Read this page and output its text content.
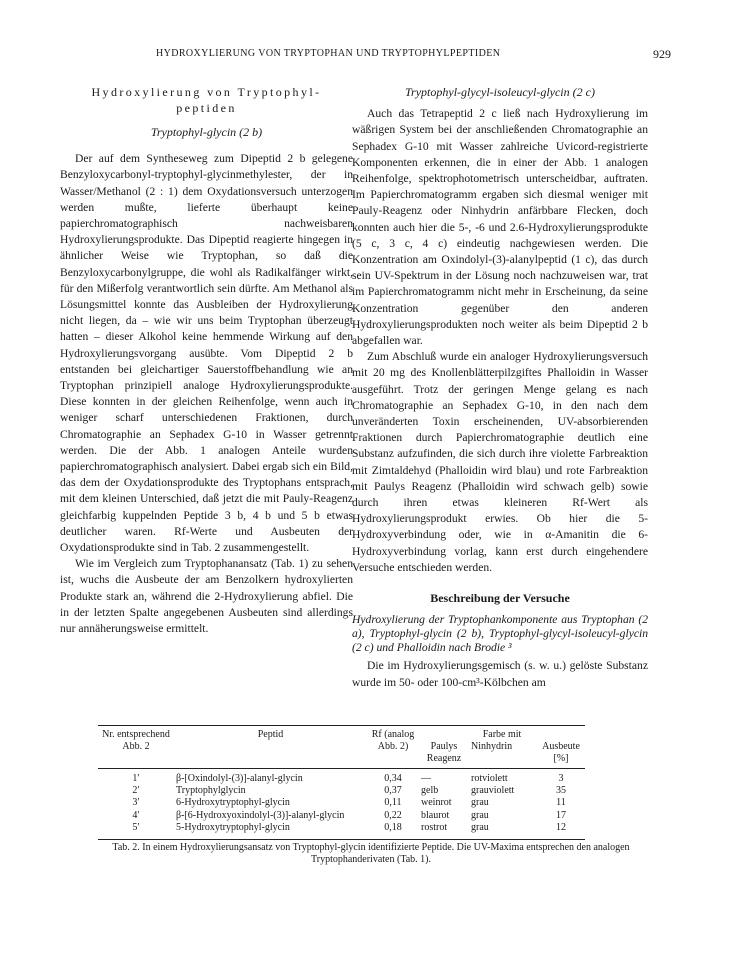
HYDROXYLIERUNG VON TRYPTOPHAN UND TRYPTOPHYLPEPTIDEN	929
Hydroxylierung von Tryptophyl- peptiden
Tryptophyl-glycin (2 b)

Der auf dem Syntheseweg zum Dipeptid 2 b gelegene Benzyloxycarbonyl-tryptophyl-glycinmethylester, der in Wasser/Methanol (2 : 1) dem Oxydationsversuch unterzogen werden mußte, lieferte überhaupt keine papierchromatographisch nachweisbaren Hydroxylierungsprodukte. Das Dipeptid reagierte hingegen in ähnlicher Weise wie Tryptophan, so daß die Benzyloxycarbonylgruppe, die wohl als Radikalfänger wirkt, für den Mißerfolg verantwortlich sein dürfte. Am Methanol als Lösungsmittel konnte das Ausbleiben der Hydroxylierung nicht liegen, da – wie wir uns beim Tryptophan überzeugt hatten – dieser Alkohol keine hemmende Wirkung auf den Hydroxylierungsvorgang ausübte. Vom Dipeptid 2 b entstanden bei gleichartiger Sauerstoffbehandlung wie an Tryptophan prinzipiell analoge Hydroxylierungsprodukte. Diese konnten in der gleichen Reihenfolge, wenn auch in weniger scharf unterschiedenen Fraktionen, durch Chromatographie an Sephadex G-10 in Wasser getrennt werden. Die der Abb. 1 analogen Anteile wurden papierchromatographisch analysiert. Dabei ergab sich ein Bild, das dem der Oxydationsprodukte des Tryptophans entsprach, mit dem kleinen Unterschied, daß jetzt die mit Pauly-Reagenz gleichfarbig kuppelnden Peptide 3 b, 4 b und 5 b etwas deutlicher waren. Rf-Werte und Ausbeuten der Oxydationsprodukte sind in Tab. 2 zusammengestellt.

Wie im Vergleich zum Tryptophanansatz (Tab. 1) zu sehen ist, wuchs die Ausbeute der am Benzolkern hydroxylierten Produkte stark an, während die 2-Hydroxylierung abfiel. Die in der letzten Spalte angegebenen Ausbeuten sind allerdings nur annäherungsweise ermittelt.

Tryptophyl-glycyl-isoleucyl-glycin (2 c)

Auch das Tetrapeptid 2 c ließ nach Hydroxylierung im wäßrigen System bei der anschließenden Chromatographie an Sephadex G-10 mit Wasser zahlreiche Uvicord-registrierte Komponenten erkennen, die in einer der Abb. 1 analogen Reihenfolge, spektrophotometrisch unterscheidbar, auftraten. Im Papierchromatogramm ergaben sich diesmal weniger mit Pauly-Reagenz oder Ninhydrin anfärbbare Flecken, doch konnten auch hier die 5-, -6 und 2.6-Hydroxylierungsprodukte (5 c, 3 c, 4 c) eindeutig nachgewiesen werden. Die Konzentration am Oxindolyl-(3)-alanylpeptid (1 c), das durch sein UV-Spektrum in der Lösung noch nachzuweisen war, trat im Papierchromatogramm nicht mehr in Erscheinung, da seine Konzentration gegenüber den anderen Hydroxylierungsprodukten noch weiter als beim Dipeptid 2 b abgefallen war.

Zum Abschluß wurde ein analoger Hydroxylierungsversuch mit 20 mg des Knollenblätterpilzgiftes Phalloidin in Wasser ausgeführt. Trotz der geringen Menge gelang es nach Chromatographie an Sephadex G-10, in den nach dem unveränderten Toxin erscheinenden, UV-absorbierenden Fraktionen durch Papierchromatographie deutlich eine Substanz aufzufinden, die sich durch ihre violette Farbreaktion mit Zimtaldehyd (Phalloidin wird blau) und rote Farbreaktion mit Paulys Reagenz (Phalloidin wird schwach gelb) sowie durch ihren etwas kleineren Rf-Wert als Hydroxylierungsprodukt erwies. Ob hier die 5-Hydroxyverbindung oder, wie in α-Amanitin die 6-Hydroxyverbindung vorlag, kann erst durch eingehendere Versuche entschieden werden.

Beschreibung der Versuche

Hydroxylierung der Tryptophankomponente aus Tryptophan (2 a), Tryptophyl-glycin (2 b), Tryptophyl-glycyl-isoleucyl-glycin (2 c) und Phalloidin nach Brodie ³

Die im Hydroxylierungsgemisch (s. w. u.) gelöste Substanz wurde im 50- oder 100-cm³-Kölbchen am

Nr. entsprechend Abb. 2	Peptid	Rf (analog Abb. 2)	Farbe mit		
			Paulys Reagenz	Ninhydrin	Ausbeute [%]
1′	β-[Oxindolyl-(3)]-alanyl-glycin	0,34	—	rotviolett	3
2′	Tryptophylglycin	0,37	gelb	grauviolett	35
3′	6-Hydroxytryptophyl-glycin	0,11	weinrot	grau	11
4′	β-[6-Hydroxyoxindolyl-(3)]-alanyl-glycin	0,22	blaurot	grau	17
5′	5-Hydroxytryptophyl-glycin	0,18	rostrot	grau	12
Tab. 2. In einem Hydroxylierungsansatz von Tryptophyl-glycin identifizierte Peptide. Die UV-Maxima entsprechen den analogen Tryptophanderivaten (Tab. 1).
